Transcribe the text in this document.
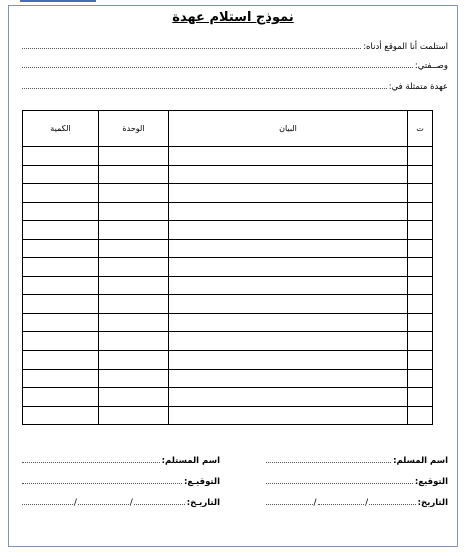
نموذج استلام عهدة
استلمت أنا الموقع أدناه:
وصــفتي:
عهدة متمثلة في:
ت	البيان	الوحدة	الكمية

اسم المسلم:
التوقيع:
التاريخ:
/
/
اسم المستلم:
التوقيـع:
التاريـخ:
/
/
